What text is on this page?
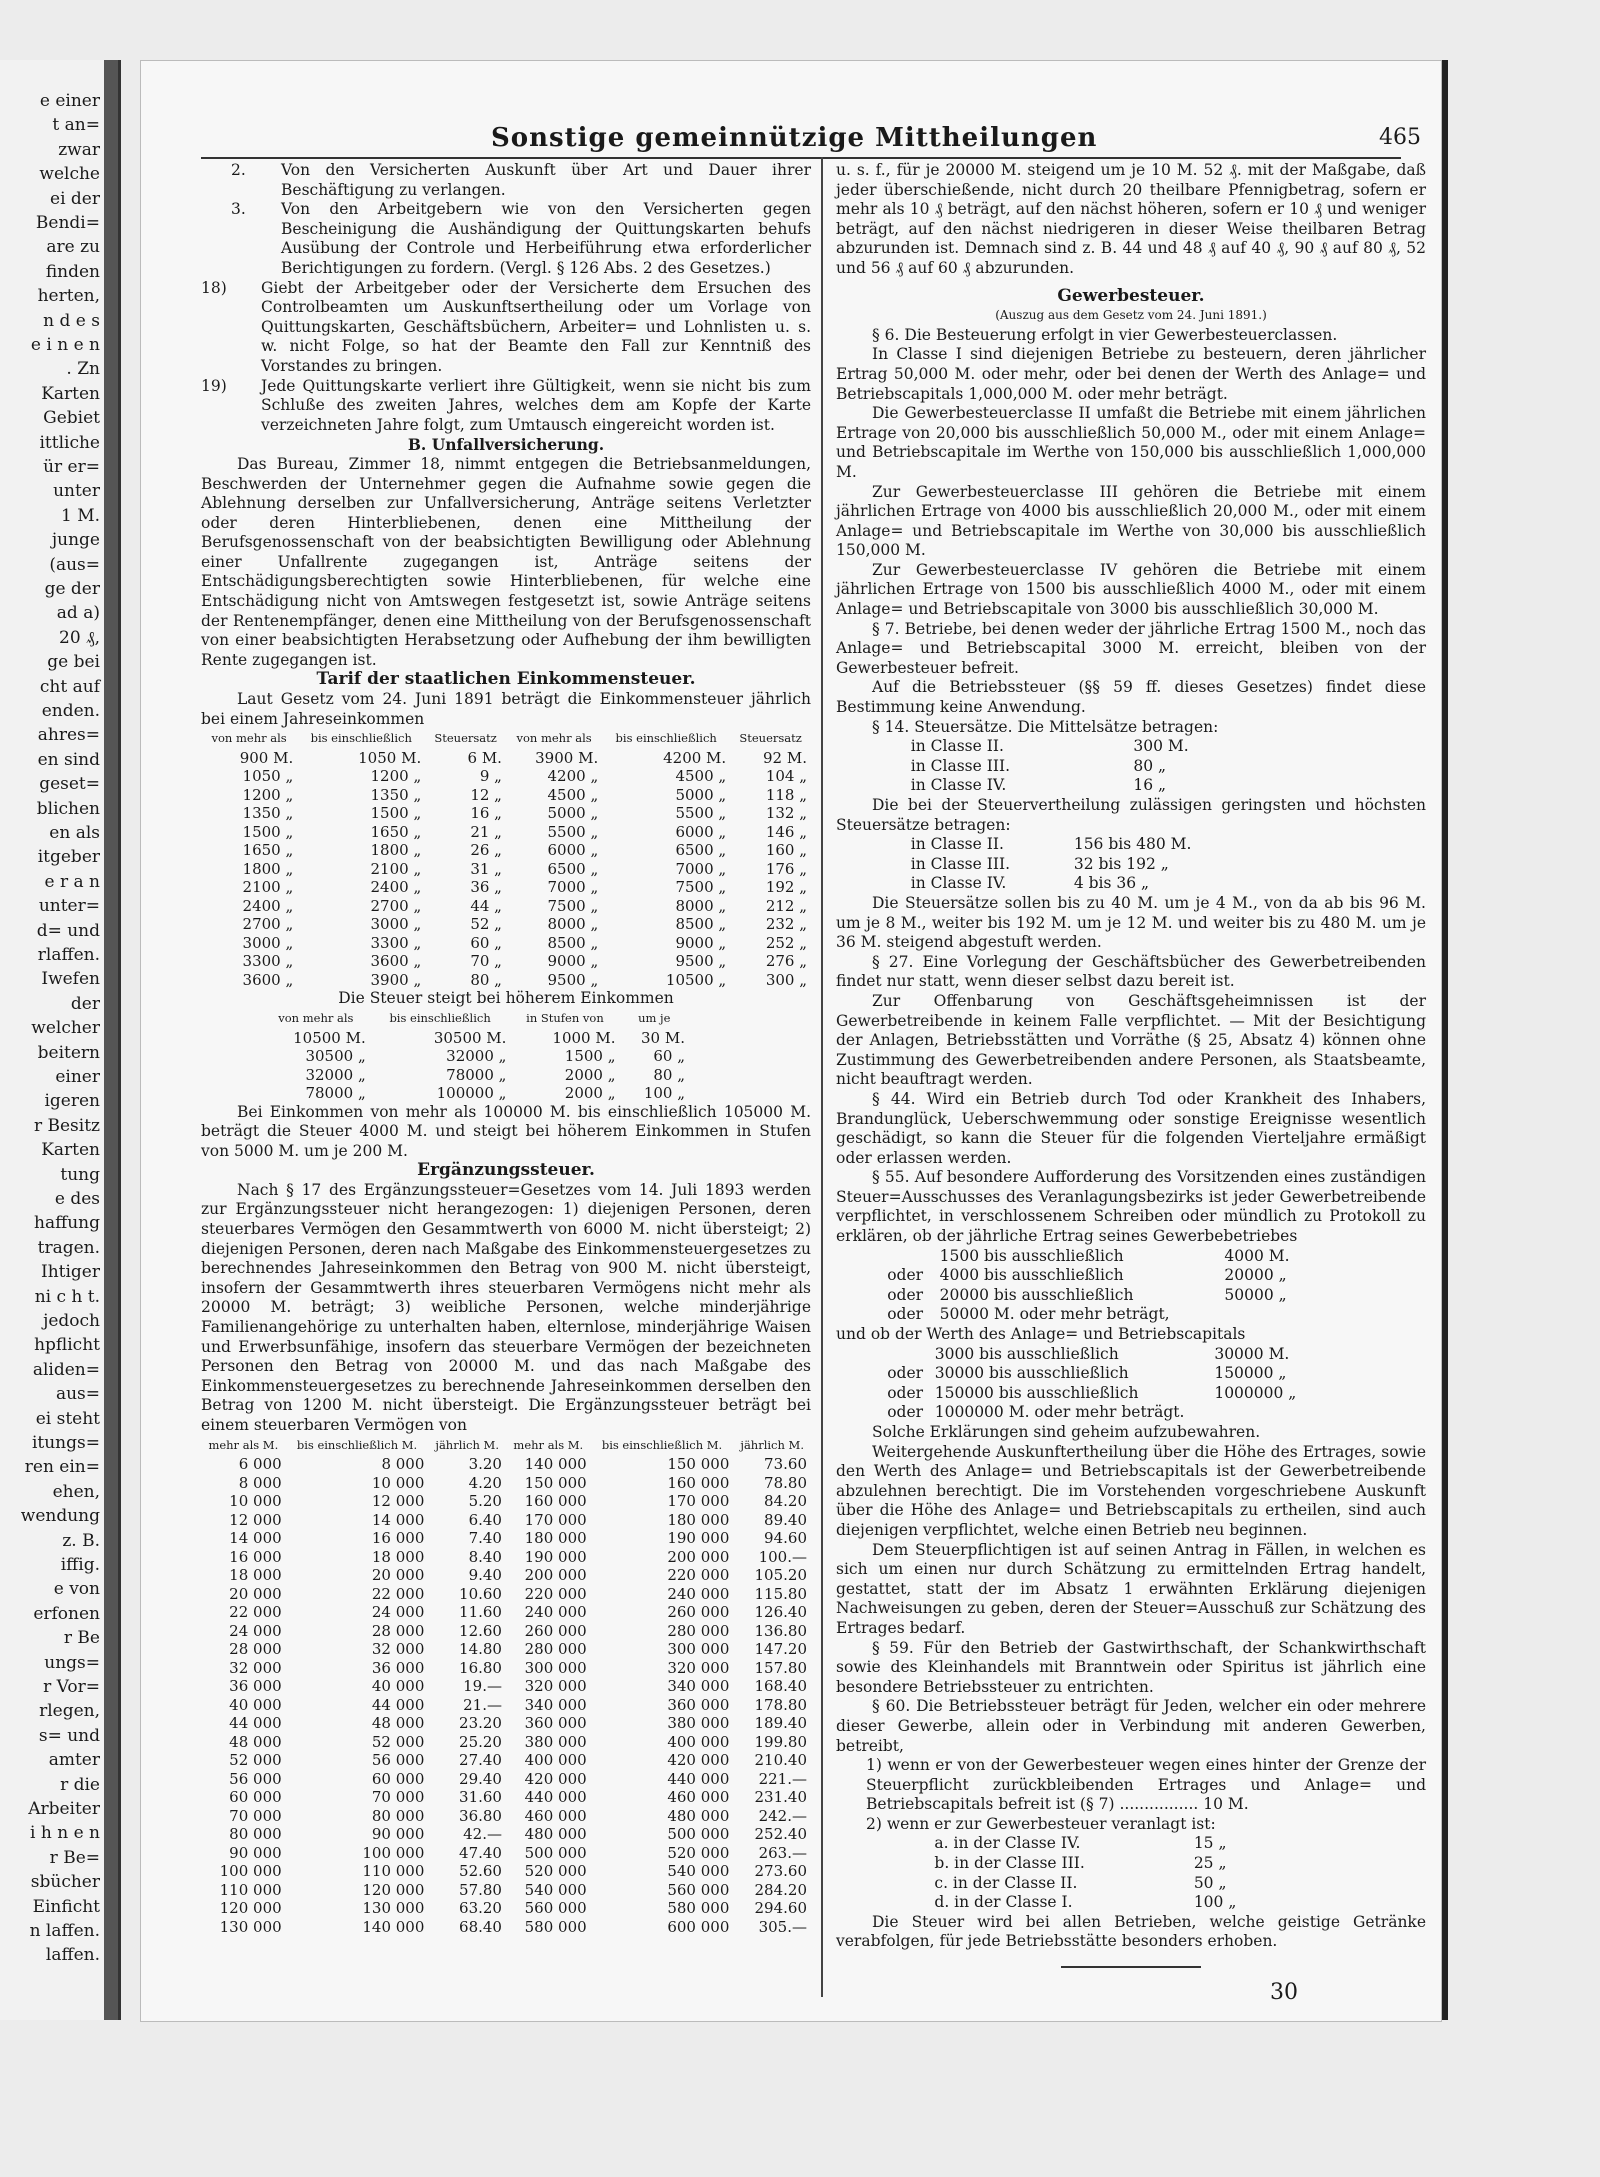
e einer
t an=
zwar
welche
ei der
Bendi=
are zu
finden
herten,
n d e s
e i n e n
. Zn
Karten
Gebiet
ittliche
ür er=
unter
1 M.
junge
(aus=
ge der
ad a)
20 ₰,
ge bei
cht auf
enden.
ahres=
en sind
geset=
blichen
en als
itgeber
e r a n
unter=
d= und
rlaffen.
Iwefen
der
welcher
beitern
einer
igeren
r Besitz
Karten
tung
e des
haffung
tragen.
Ihtiger
ni c h t.
jedoch
hpflicht
aliden=
aus=
ei steht
itungs=
ren ein=
ehen,
wendung
z. B.
iffig.
e von
erfonen
r Be
ungs=
r Vor=
rlegen,
s= und
amter
r die
Arbeiter
i h n e n
r Be=
sbücher
Einficht
n laffen.
laffen.
Sonstige gemeinnützige Mittheilungen	465

2. Von den Versicherten Auskunft über Art und Dauer ihrer Beschäftigung zu verlangen.

3. Von den Arbeitgebern wie von den Versicherten gegen Bescheinigung die Aushändigung der Quittungskarten behufs Ausübung der Controle und Herbeiführung etwa erforderlicher Berichtigungen zu fordern. (Vergl. § 126 Abs. 2 des Gesetzes.)

18) Giebt der Arbeitgeber oder der Versicherte dem Ersuchen des Controlbeamten um Auskunftsertheilung oder um Vorlage von Quittungskarten, Geschäftsbüchern, Arbeiter= und Lohnlisten u. s. w. nicht Folge, so hat der Beamte den Fall zur Kenntniß des Vorstandes zu bringen.

19) Jede Quittungskarte verliert ihre Gültigkeit, wenn sie nicht bis zum Schluße des zweiten Jahres, welches dem am Kopfe der Karte verzeichneten Jahre folgt, zum Umtausch eingereicht worden ist.

B. Unfallversicherung.

Das Bureau, Zimmer 18, nimmt entgegen die Betriebsanmeldungen, Beschwerden der Unternehmer gegen die Aufnahme sowie gegen die Ablehnung derselben zur Unfallversicherung, Anträge seitens Verletzter oder deren Hinterbliebenen, denen eine Mittheilung der Berufsgenossenschaft von der beabsichtigten Bewilligung oder Ablehnung einer Unfallrente zugegangen ist, Anträge seitens der Entschädigungsberechtigten sowie Hinterbliebenen, für welche eine Entschädigung nicht von Amtswegen festgesetzt ist, sowie Anträge seitens der Rentenempfänger, denen eine Mittheilung von der Berufsgenossenschaft von einer beabsichtigten Herabsetzung oder Aufhebung der ihm bewilligten Rente zugegangen ist.

Tarif der staatlichen Einkommensteuer.

Laut Gesetz vom 24. Juni 1891 beträgt die Einkommensteuer jährlich bei einem Jahreseinkommen

von mehr als	bis einschließlich	Steuersatz	von mehr als	bis einschließlich	Steuersatz
900 M.	1050 M.	6 M.	3900 M.	4200 M.	92 M.
1050 „	1200 „	9 „	4200 „	4500 „	104 „
1200 „	1350 „	12 „	4500 „	5000 „	118 „
1350 „	1500 „	16 „	5000 „	5500 „	132 „
1500 „	1650 „	21 „	5500 „	6000 „	146 „
1650 „	1800 „	26 „	6000 „	6500 „	160 „
1800 „	2100 „	31 „	6500 „	7000 „	176 „
2100 „	2400 „	36 „	7000 „	7500 „	192 „
2400 „	2700 „	44 „	7500 „	8000 „	212 „
2700 „	3000 „	52 „	8000 „	8500 „	232 „
3000 „	3300 „	60 „	8500 „	9000 „	252 „
3300 „	3600 „	70 „	9000 „	9500 „	276 „
3600 „	3900 „	80 „	9500 „	10500 „	300 „

Die Steuer steigt bei höherem Einkommen

von mehr als	bis einschließlich	in Stufen von	um je
10500 M.	30500 M.	1000 M.	30 M.
30500 „	32000 „	1500 „	60 „
32000 „	78000 „	2000 „	80 „
78000 „	100000 „	2000 „	100 „

Bei Einkommen von mehr als 100000 M. bis einschließlich 105000 M. beträgt die Steuer 4000 M. und steigt bei höherem Einkommen in Stufen von 5000 M. um je 200 M.

Ergänzungssteuer.

Nach § 17 des Ergänzungssteuer=Gesetzes vom 14. Juli 1893 werden zur Ergänzungssteuer nicht herangezogen: 1) diejenigen Personen, deren steuerbares Vermögen den Gesammtwerth von 6000 M. nicht übersteigt; 2) diejenigen Personen, deren nach Maßgabe des Einkommensteuergesetzes zu berechnendes Jahreseinkommen den Betrag von 900 M. nicht übersteigt, insofern der Gesammtwerth ihres steuerbaren Vermögens nicht mehr als 20000 M. beträgt; 3) weibliche Personen, welche minderjährige Familienangehörige zu unterhalten haben, elternlose, minderjährige Waisen und Erwerbsunfähige, insofern das steuerbare Vermögen der bezeichneten Personen den Betrag von 20000 M. und das nach Maßgabe des Einkommensteuergesetzes zu berechnende Jahreseinkommen derselben den Betrag von 1200 M. nicht übersteigt. Die Ergänzungssteuer beträgt bei einem steuerbaren Vermögen von

mehr als M.	bis einschließlich M.	jährlich M.	mehr als M.	bis einschließlich M.	jährlich M.
6 000	8 000	3.20	140 000	150 000	73.60
8 000	10 000	4.20	150 000	160 000	78.80
10 000	12 000	5.20	160 000	170 000	84.20
12 000	14 000	6.40	170 000	180 000	89.40
14 000	16 000	7.40	180 000	190 000	94.60
16 000	18 000	8.40	190 000	200 000	100.—
18 000	20 000	9.40	200 000	220 000	105.20
20 000	22 000	10.60	220 000	240 000	115.80
22 000	24 000	11.60	240 000	260 000	126.40
24 000	28 000	12.60	260 000	280 000	136.80
28 000	32 000	14.80	280 000	300 000	147.20
32 000	36 000	16.80	300 000	320 000	157.80
36 000	40 000	19.—	320 000	340 000	168.40
40 000	44 000	21.—	340 000	360 000	178.80
44 000	48 000	23.20	360 000	380 000	189.40
48 000	52 000	25.20	380 000	400 000	199.80
52 000	56 000	27.40	400 000	420 000	210.40
56 000	60 000	29.40	420 000	440 000	221.—
60 000	70 000	31.60	440 000	460 000	231.40
70 000	80 000	36.80	460 000	480 000	242.—
80 000	90 000	42.—	480 000	500 000	252.40
90 000	100 000	47.40	500 000	520 000	263.—
100 000	110 000	52.60	520 000	540 000	273.60
110 000	120 000	57.80	540 000	560 000	284.20
120 000	130 000	63.20	560 000	580 000	294.60
130 000	140 000	68.40	580 000	600 000	305.—

u. s. f., für je 20000 M. steigend um je 10 M. 52 ₰. mit der Maßgabe, daß jeder überschießende, nicht durch 20 theilbare Pfennigbetrag, sofern er mehr als 10 ₰ beträgt, auf den nächst höheren, sofern er 10 ₰ und weniger beträgt, auf den nächst niedrigeren in dieser Weise theilbaren Betrag abzurunden ist. Demnach sind z. B. 44 und 48 ₰ auf 40 ₰, 90 ₰ auf 80 ₰, 52 und 56 ₰ auf 60 ₰ abzurunden.

Gewerbesteuer.

(Auszug aus dem Gesetz vom 24. Juni 1891.)

§ 6. Die Besteuerung erfolgt in vier Gewerbesteuerclassen.

In Classe I sind diejenigen Betriebe zu besteuern, deren jährlicher Ertrag 50,000 M. oder mehr, oder bei denen der Werth des Anlage= und Betriebscapitals 1,000,000 M. oder mehr beträgt.

Die Gewerbesteuerclasse II umfaßt die Betriebe mit einem jährlichen Ertrage von 20,000 bis ausschließlich 50,000 M., oder mit einem Anlage= und Betriebscapitale im Werthe von 150,000 bis ausschließlich 1,000,000 M.

Zur Gewerbesteuerclasse III gehören die Betriebe mit einem jährlichen Ertrage von 4000 bis ausschließlich 20,000 M., oder mit einem Anlage= und Betriebscapitale im Werthe von 30,000 bis ausschließlich 150,000 M.

Zur Gewerbesteuerclasse IV gehören die Betriebe mit einem jährlichen Ertrage von 1500 bis ausschließlich 4000 M., oder mit einem Anlage= und Betriebscapitale von 3000 bis ausschließlich 30,000 M.

§ 7. Betriebe, bei denen weder der jährliche Ertrag 1500 M., noch das Anlage= und Betriebscapital 3000 M. erreicht, bleiben von der Gewerbesteuer befreit.

Auf die Betriebssteuer (§§ 59 ff. dieses Gesetzes) findet diese Bestimmung keine Anwendung.

§ 14. Steuersätze. Die Mittelsätze betragen:

in Classe II.	300 M.
in Classe III.	80 „
in Classe IV.	16 „

Die bei der Steuervertheilung zulässigen geringsten und höchsten Steuersätze betragen:

in Classe II.	156 bis 480 M.
in Classe III.	32 bis 192 „
in Classe IV.	4 bis 36 „

Die Steuersätze sollen bis zu 40 M. um je 4 M., von da ab bis 96 M. um je 8 M., weiter bis 192 M. um je 12 M. und weiter bis zu 480 M. um je 36 M. steigend abgestuft werden.

§ 27. Eine Vorlegung der Geschäftsbücher des Gewerbetreibenden findet nur statt, wenn dieser selbst dazu bereit ist.

Zur Offenbarung von Geschäftsgeheimnissen ist der Gewerbetreibende in keinem Falle verpflichtet. — Mit der Besichtigung der Anlagen, Betriebsstätten und Vorräthe (§ 25, Absatz 4) können ohne Zustimmung des Gewerbetreibenden andere Personen, als Staatsbeamte, nicht beauftragt werden.

§ 44. Wird ein Betrieb durch Tod oder Krankheit des Inhabers, Brandunglück, Ueberschwemmung oder sonstige Ereignisse wesentlich geschädigt, so kann die Steuer für die folgenden Vierteljahre ermäßigt oder erlassen werden.

§ 55. Auf besondere Aufforderung des Vorsitzenden eines zuständigen Steuer=Ausschusses des Veranlagungsbezirks ist jeder Gewerbetreibende verpflichtet, in verschlossenem Schreiben oder mündlich zu Protokoll zu erklären, ob der jährliche Ertrag seines Gewerbebetriebes

	1500 bis ausschließlich	4000 M.
oder	4000 bis ausschließlich	20000 „
oder	20000 bis ausschließlich	50000 „
oder	50000 M. oder mehr beträgt,	

und ob der Werth des Anlage= und Betriebscapitals

	3000 bis ausschließlich	30000 M.
oder	30000 bis ausschließlich	150000 „
oder	150000 bis ausschließlich	1000000 „
oder	1000000 M. oder mehr beträgt.	

Solche Erklärungen sind geheim aufzubewahren.

Weitergehende Auskunftertheilung über die Höhe des Ertrages, sowie den Werth des Anlage= und Betriebscapitals ist der Gewerbetreibende abzulehnen berechtigt. Die im Vorstehenden vorgeschriebene Auskunft über die Höhe des Anlage= und Betriebscapitals zu ertheilen, sind auch diejenigen verpflichtet, welche einen Betrieb neu beginnen.

Dem Steuerpflichtigen ist auf seinen Antrag in Fällen, in welchen es sich um einen nur durch Schätzung zu ermittelnden Ertrag handelt, gestattet, statt der im Absatz 1 erwähnten Erklärung diejenigen Nachweisungen zu geben, deren der Steuer=Ausschuß zur Schätzung des Ertrages bedarf.

§ 59. Für den Betrieb der Gastwirthschaft, der Schankwirthschaft sowie des Kleinhandels mit Branntwein oder Spiritus ist jährlich eine besondere Betriebssteuer zu entrichten.

§ 60. Die Betriebssteuer beträgt für Jeden, welcher ein oder mehrere dieser Gewerbe, allein oder in Verbindung mit anderen Gewerben, betreibt,

1) wenn er von der Gewerbesteuer wegen eines hinter der Grenze der Steuerpflicht zurückbleibenden Ertrages und Anlage= und Betriebscapitals befreit ist (§ 7) ................ 10 M.

2) wenn er zur Gewerbesteuer veranlagt ist:

a. in der Classe IV.	15 „
b. in der Classe III.	25 „
c. in der Classe II.	50 „
d. in der Classe I.	100 „

Die Steuer wird bei allen Betrieben, welche geistige Getränke verabfolgen, für jede Betriebsstätte besonders erhoben.

30
